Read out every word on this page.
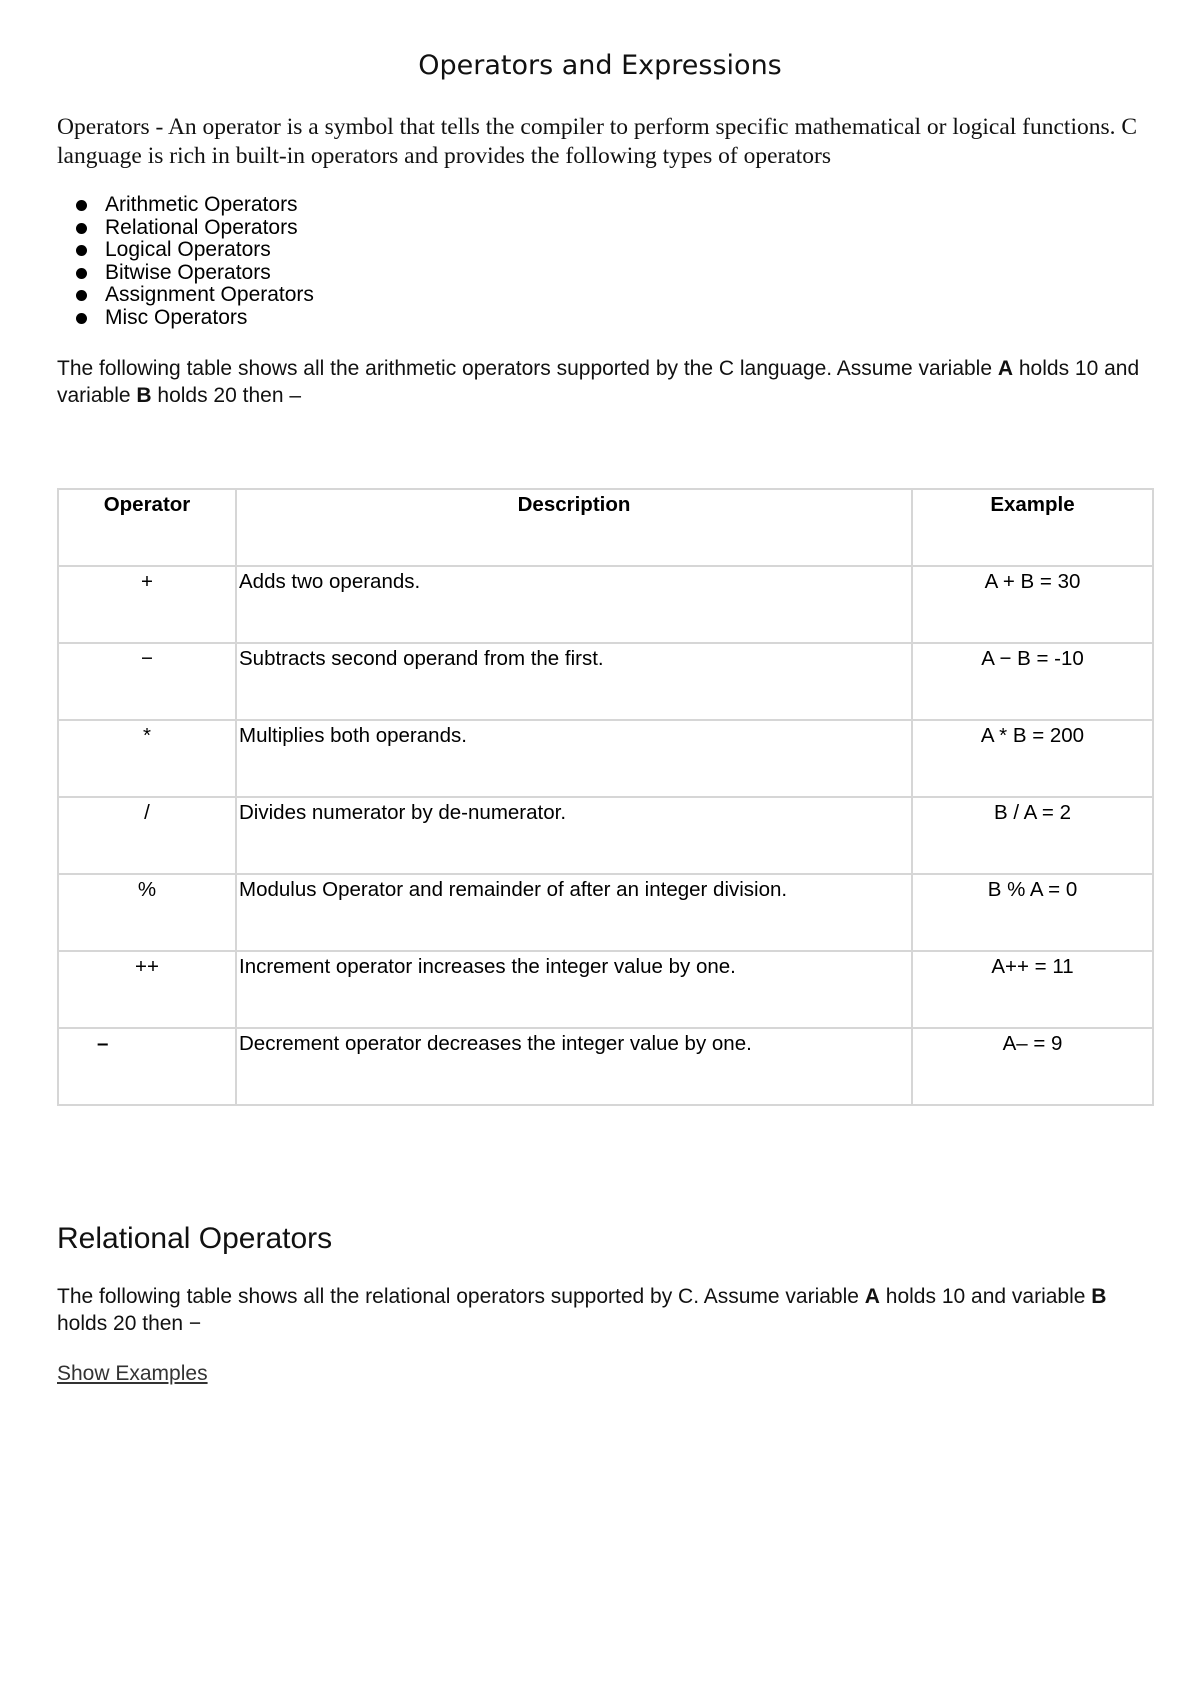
Operators and Expressions
Operators - An operator is a symbol that tells the compiler to perform specific mathematical or logical functions. C language is rich in built-in operators and provides the following types of operators
Arithmetic Operators
Relational Operators
Logical Operators
Bitwise Operators
Assignment Operators
Misc Operators
The following table shows all the arithmetic operators supported by the C language. Assume variable A holds 10 and variable B holds 20 then –
Operator	Description	Example
+	Adds two operands.	A + B = 30
−	Subtracts second operand from the first.	A − B = -10
*	Multiplies both operands.	A * B = 200
/	Divides numerator by de-numerator.	B / A = 2
%	Modulus Operator and remainder of after an integer division.	B % A = 0
++	Increment operator increases the integer value by one.	A++ = 11
–	Decrement operator decreases the integer value by one.	A– = 9
Relational Operators
The following table shows all the relational operators supported by C. Assume variable A holds 10 and variable B holds 20 then −
Show Examples
